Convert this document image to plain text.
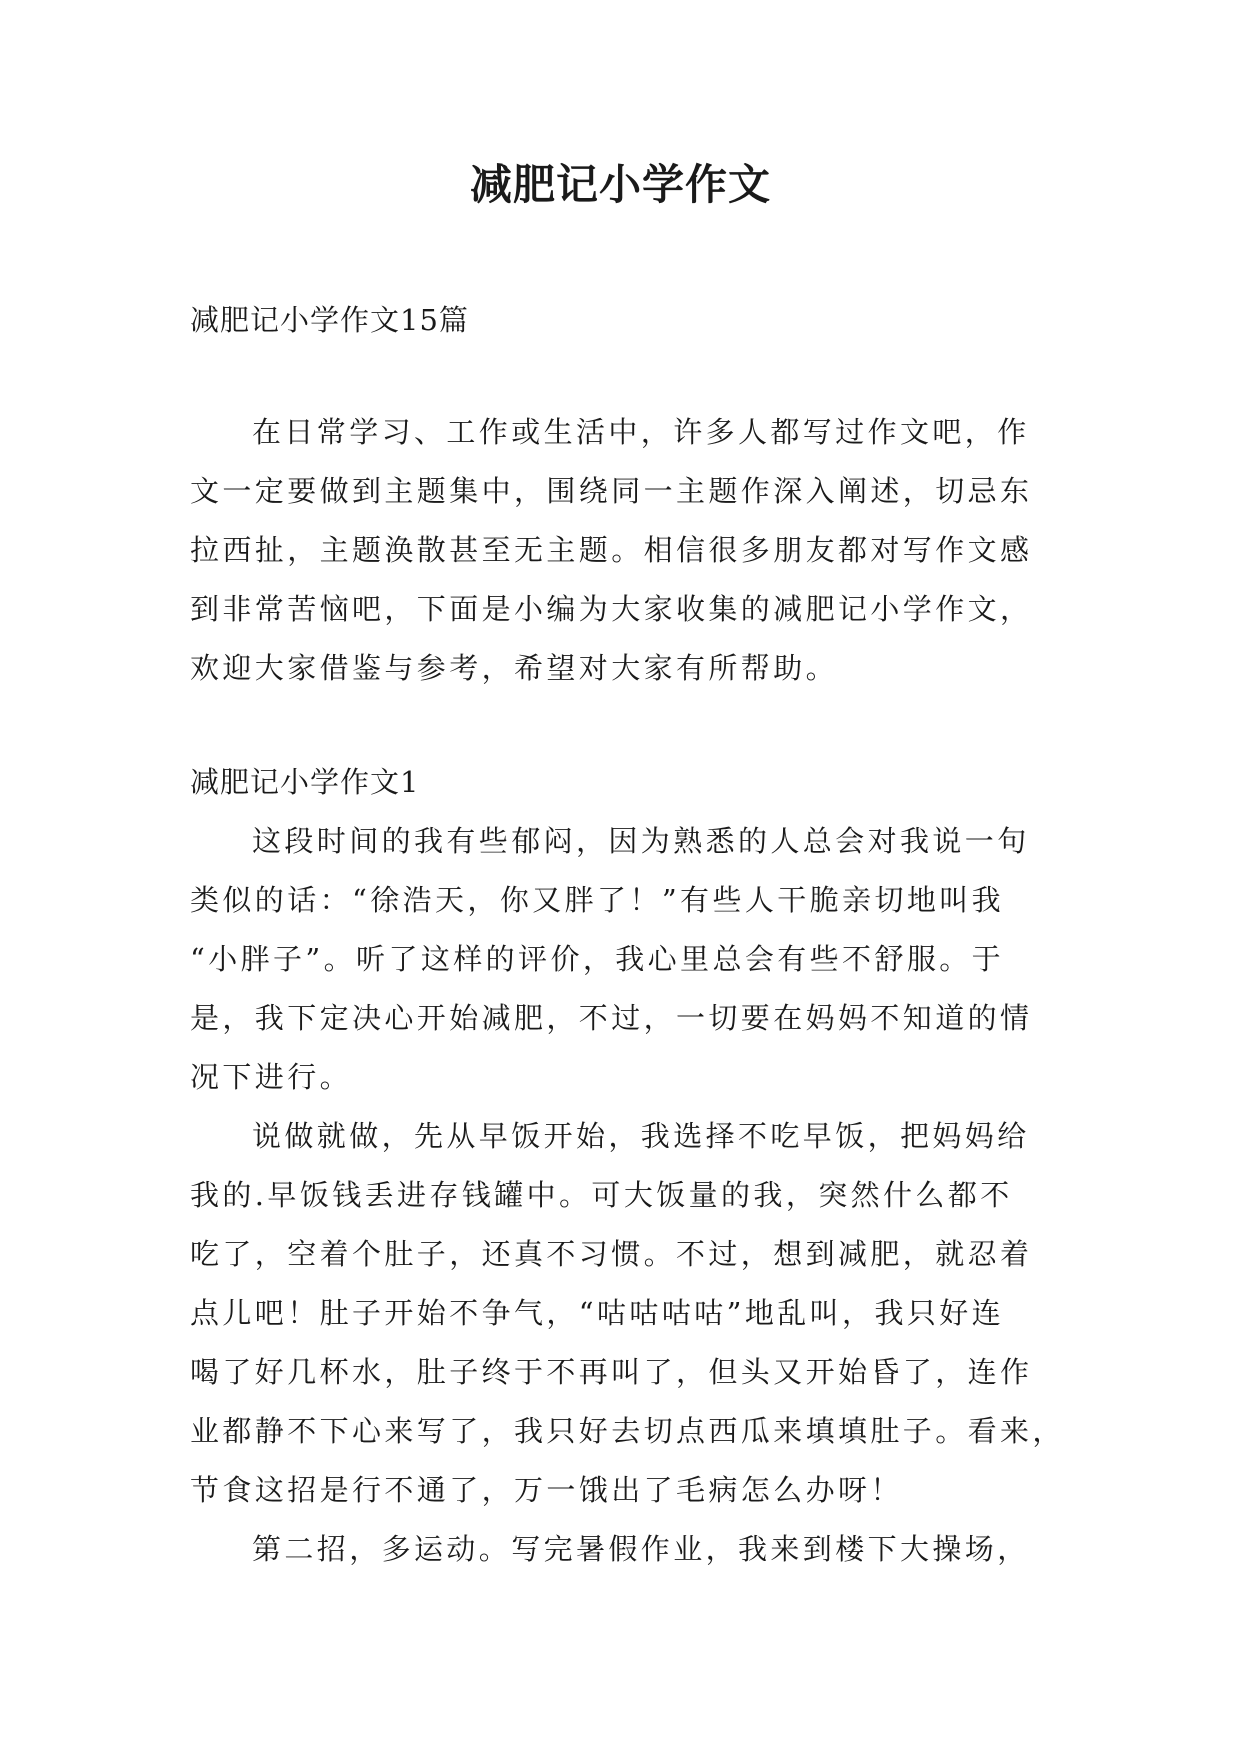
减肥记小学作文

减肥记小学作文15篇

在日常学习、工作或生活中，许多人都写过作文吧，作

文一定要做到主题集中，围绕同一主题作深入阐述，切忌东

拉西扯，主题涣散甚至无主题。相信很多朋友都对写作文感

到非常苦恼吧，下面是小编为大家收集的减肥记小学作文，

欢迎大家借鉴与参考，希望对大家有所帮助。

减肥记小学作文1

这段时间的我有些郁闷，因为熟悉的人总会对我说一句

类似的话：“徐浩天，你又胖了！”有些人干脆亲切地叫我

“小胖子”。听了这样的评价，我心里总会有些不舒服。于

是，我下定决心开始减肥，不过，一切要在妈妈不知道的情

况下进行。

说做就做，先从早饭开始，我选择不吃早饭，把妈妈给

我的.早饭钱丢进存钱罐中。可大饭量的我，突然什么都不

吃了，空着个肚子，还真不习惯。不过，想到减肥，就忍着

点儿吧！肚子开始不争气，“咕咕咕咕”地乱叫，我只好连

喝了好几杯水，肚子终于不再叫了，但头又开始昏了，连作

业都静不下心来写了，我只好去切点西瓜来填填肚子。看来，

节食这招是行不通了，万一饿出了毛病怎么办呀！

第二招，多运动。写完暑假作业，我来到楼下大操场，
